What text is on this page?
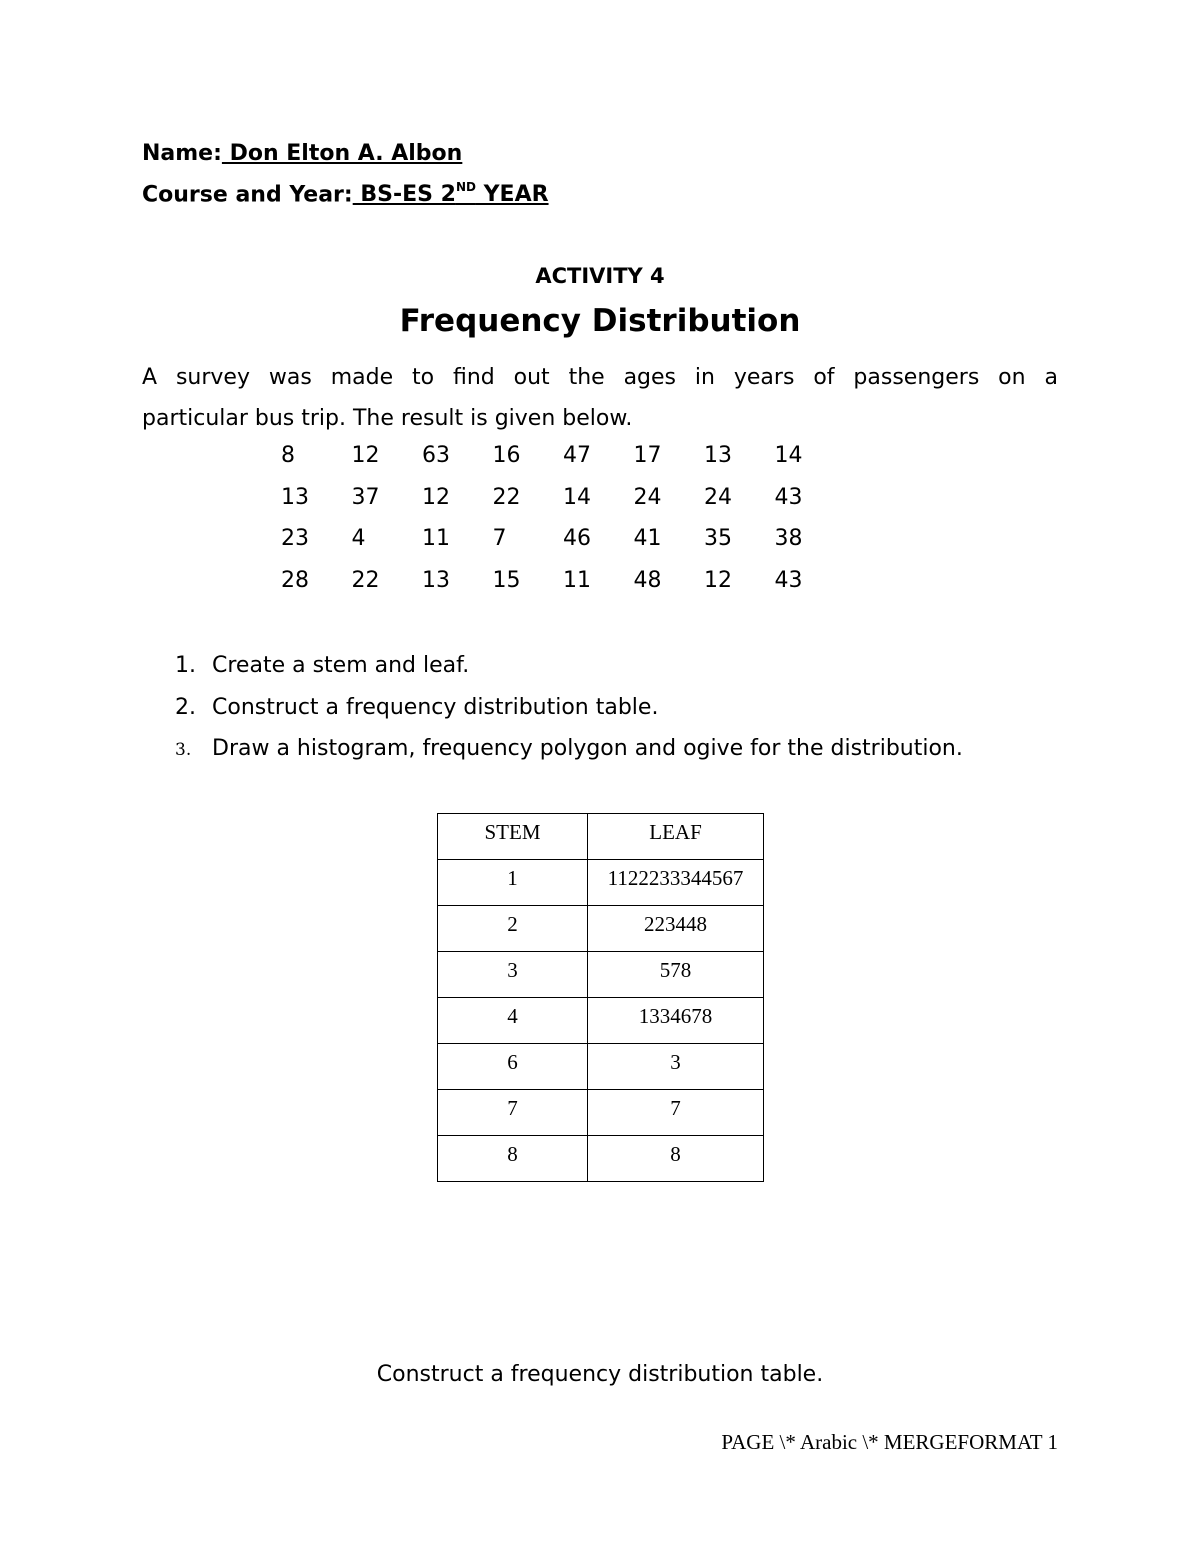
Name: Don Elton A. Albon
Course and Year: BS-ES 2ND YEAR
ACTIVITY 4
Frequency Distribution
A survey was made to find out the ages in years of passengers on a
particular bus trip. The result is given below.
8	12	63	16	47	17	13	14
13	37	12	22	14	24	24	43
23	4	11	7	46	41	35	38
28	22	13	15	11	48	12	43
1. Create a stem and leaf.
2. Construct a frequency distribution table.
3. Draw a histogram, frequency polygon and ogive for the distribution.
STEM	LEAF
1	1122233344567
2	223448
3	578
4	1334678
6	3
7	7
8	8
Construct a frequency distribution table.
PAGE \* Arabic \* MERGEFORMAT 1
